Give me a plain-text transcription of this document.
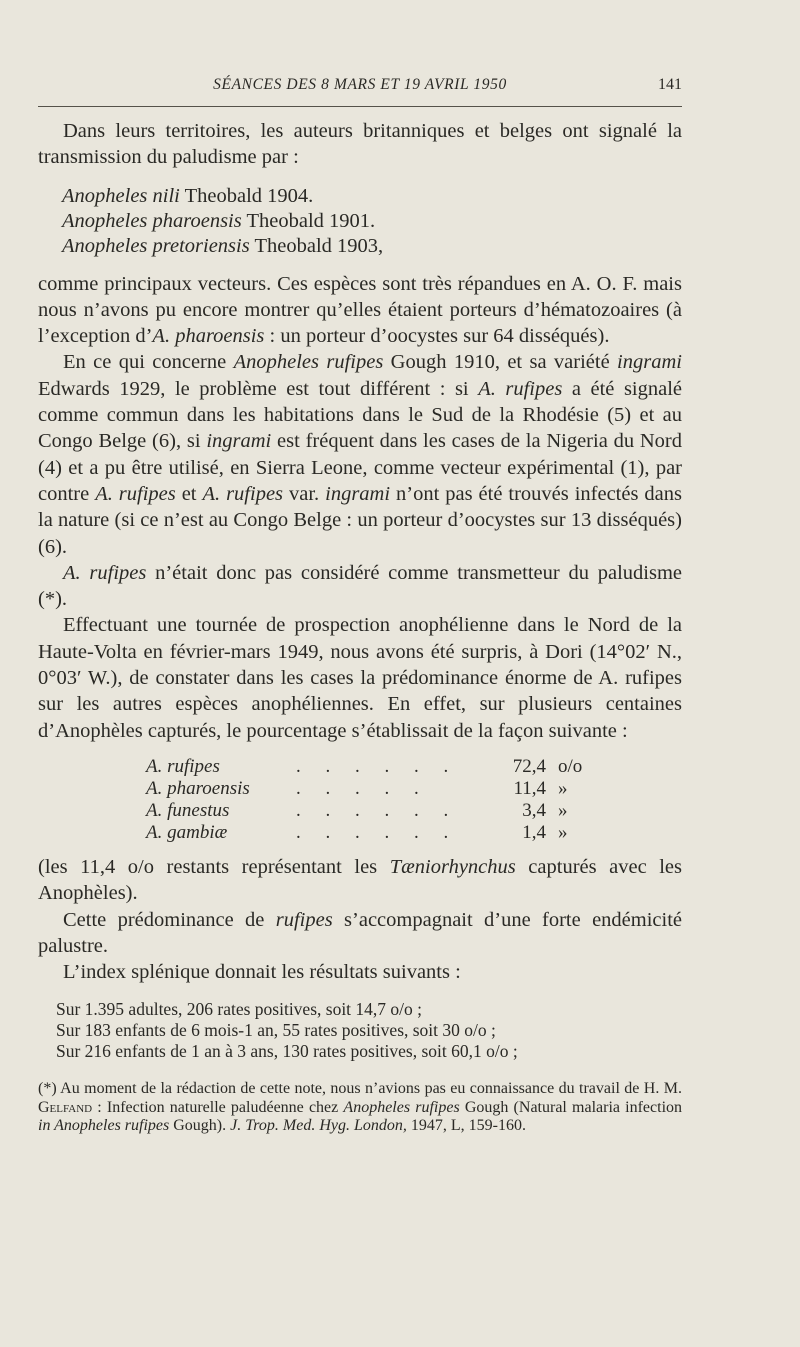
SÉANCES DES 8 MARS ET 19 AVRIL 1950	141

Dans leurs territoires, les auteurs britanniques et belges ont signalé la transmission du paludisme par :

Anopheles nili Theobald 1904.
Anopheles pharoensis Theobald 1901.
Anopheles pretoriensis Theobald 1903,

comme principaux vecteurs. Ces espèces sont très répandues en A. O. F. mais nous n’avons pu encore montrer qu’elles étaient porteurs d’hématozoaires (à l’exception d’A. pharoensis : un porteur d’oocystes sur 64 disséqués).

En ce qui concerne Anopheles rufipes Gough 1910, et sa variété ingrami Edwards 1929, le problème est tout différent : si A. rufipes a été signalé comme commun dans les habitations dans le Sud de la Rhodésie (5) et au Congo Belge (6), si ingrami est fréquent dans les cases de la Nigeria du Nord (4) et a pu être utilisé, en Sierra Leone, comme vecteur expérimental (1), par contre A. rufipes et A. rufipes var. ingrami n’ont pas été trouvés infectés dans la nature (si ce n’est au Congo Belge : un porteur d’oocystes sur 13 disséqués) (6).

A. rufipes n’était donc pas considéré comme transmetteur du paludisme (*).

Effectuant une tournée de prospection anophélienne dans le Nord de la Haute-Volta en février-mars 1949, nous avons été surpris, à Dori (14°02′ N., 0°03′ W.), de constater dans les cases la prédominance énorme de A. rufipes sur les autres espèces anophéliennes. En effet, sur plusieurs centaines d’Anophèles capturés, le pourcentage s’établissait de la façon suivante :

A. rufipes	. . . . . .	72,4 o/o
A. pharoensis	. . . . .	11,4 »
A. funestus	. . . . . .	3,4 »
A. gambiæ	. . . . . .	1,4 »

(les 11,4 o/o restants représentant les Tæniorhynchus capturés avec les Anophèles).

Cette prédominance de rufipes s’accompagnait d’une forte endémicité palustre.

L’index splénique donnait les résultats suivants :

Sur 1.395 adultes, 206 rates positives, soit 14,7 o/o ;
Sur 183 enfants de 6 mois-1 an, 55 rates positives, soit 30 o/o ;
Sur 216 enfants de 1 an à 3 ans, 130 rates positives, soit 60,1 o/o ;

(*) Au moment de la rédaction de cette note, nous n’avions pas eu connaissance du travail de H. M. Gelfand : Infection naturelle paludéenne chez Anopheles rufipes Gough (Natural malaria infection in Anopheles rufipes Gough). J. Trop. Med. Hyg. London, 1947, L, 159-160.
